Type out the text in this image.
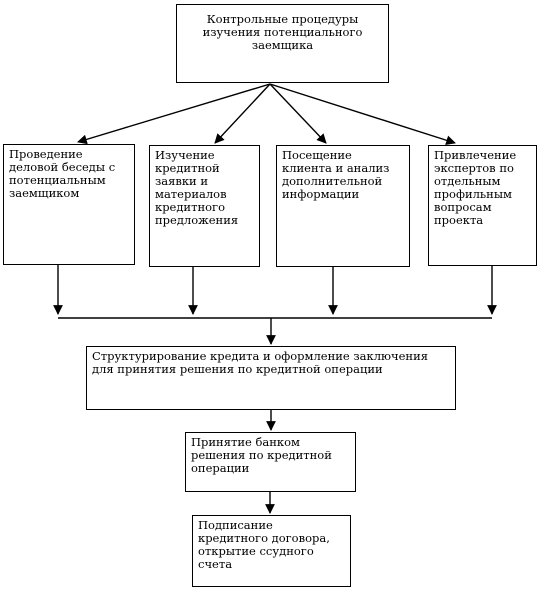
Контрольные процедуры изучения потенциального заемщика
Проведение деловой беседы с потенциальным заемщиком
Изучение кредитной заявки и материалов кредитного предложения
Посещение клиента и анализ дополнительной информации
Привлечение экспертов по отдельным профильным вопросам проекта
Структурирование кредита и оформление заключения для принятия решения по кредитной операции
Принятие банком решения по кредитной операции
Подписание кредитного договора, открытие ссудного счета
